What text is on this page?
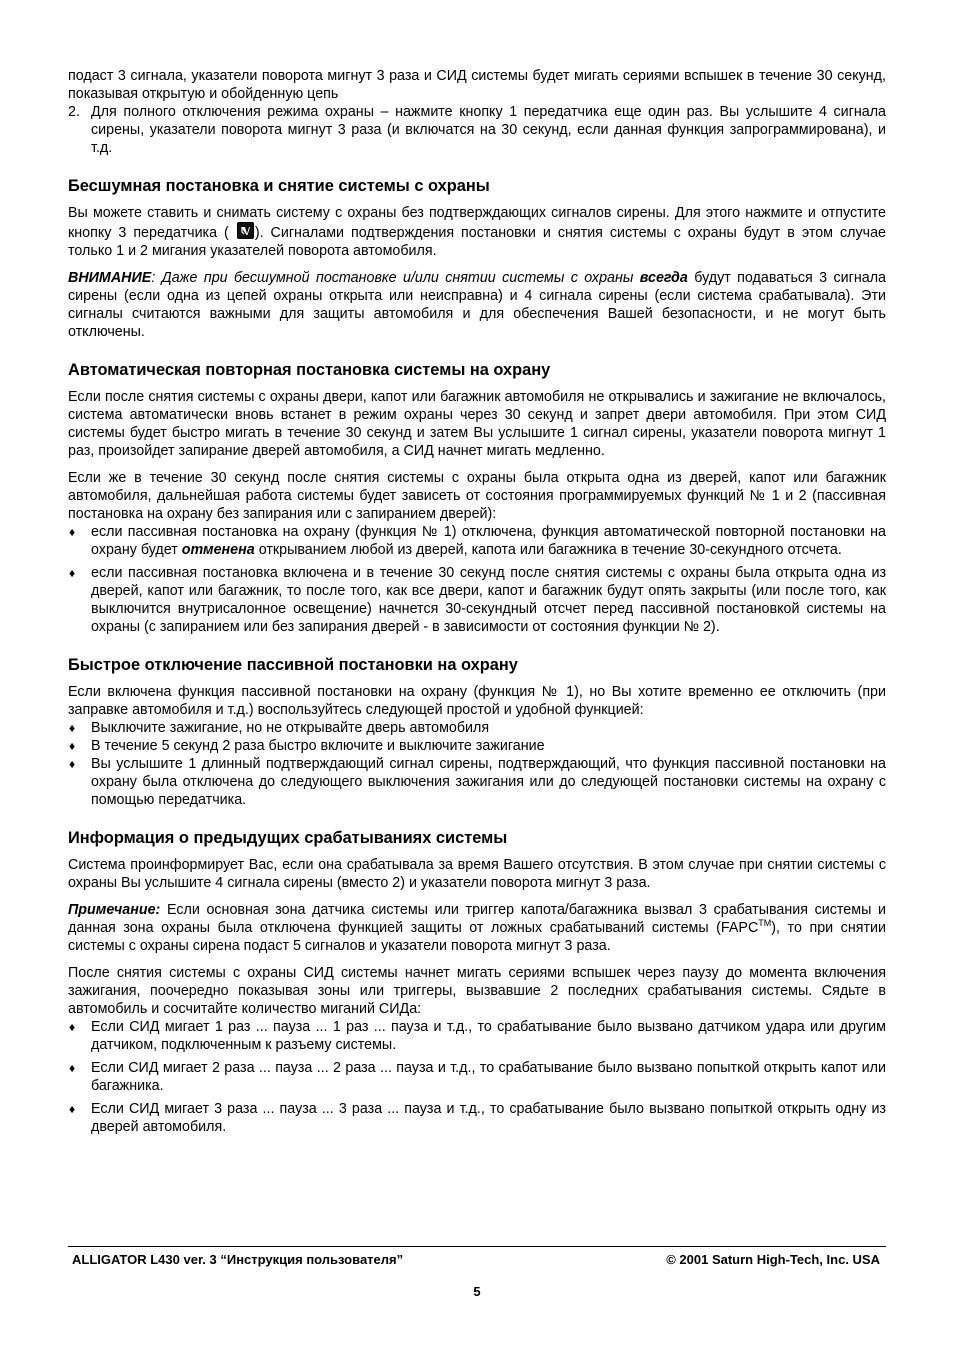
подаст 3 сигнала, указатели поворота мигнут 3 раза и СИД системы будет мигать сериями вспышек в течение 30 секунд, показывая открытую и обойденную цепь

2. Для полного отключения режима охраны – нажмите кнопку 1 передатчика еще один раз. Вы услышите 4 сигнала сирены, указатели поворота мигнут 3 раза (и включатся на 30 секунд, если данная функция запрограммирована), и т.д.
Бесшумная постановка и снятие системы с охраны

Вы можете ставить и снимать систему с охраны без подтверждающих сигналов сирены. Для этого нажмите и отпустите кнопку 3 передатчика ( ). Сигналами подтверждения постановки и снятия системы с охраны будут в этом случае только 1 и 2 мигания указателей поворота автомобиля.

ВНИМАНИЕ: Даже при бесшумной постановке и/или снятии системы с охраны всегда будут подаваться 3 сигнала сирены (если одна из цепей охраны открыта или неисправна) и 4 сигнала сирены (если система срабатывала). Эти сигналы считаются важными для защиты автомобиля и для обеспечения Вашей безопасности, и не могут быть отключены.

Автоматическая повторная постановка системы на охрану

Если после снятия системы с охраны двери, капот или багажник автомобиля не открывались и зажигание не включалось, система автоматически вновь встанет в режим охраны через 30 секунд и запрет двери автомобиля. При этом СИД системы будет быстро мигать в течение 30 секунд и затем Вы услышите 1 сигнал сирены, указатели поворота мигнут 1 раз, произойдет запирание дверей автомобиля, а СИД начнет мигать медленно.

Если же в течение 30 секунд после снятия системы с охраны была открыта одна из дверей, капот или багажник автомобиля, дальнейшая работа системы будет зависеть от состояния программируемых функций № 1 и 2 (пассивная постановка на охрану без запирания или с запиранием дверей):

♦ если пассивная постановка на охрану (функция № 1) отключена, функция автоматической повторной постановки на охрану будет отменена открыванием любой из дверей, капота или багажника в течение 30-секундного отсчета.
♦ если пассивная постановка включена и в течение 30 секунд после снятия системы с охраны была открыта одна из дверей, капот или багажник, то после того, как все двери, капот и багажник будут опять закрыты (или после того, как выключится внутрисалонное освещение) начнется 30-секундный отсчет перед пассивной постановкой системы на охраны (с запиранием или без запирания дверей - в зависимости от состояния функции № 2).
Быстрое отключение пассивной постановки на охрану

Если включена функция пассивной постановки на охрану (функция № 1), но Вы хотите временно ее отключить (при заправке автомобиля и т.д.) воспользуйтесь следующей простой и удобной функцией:

♦ Выключите зажигание, но не открывайте дверь автомобиля
♦ В течение 5 секунд 2 раза быстро включите и выключите зажигание
♦ Вы услышите 1 длинный подтверждающий сигнал сирены, подтверждающий, что функция пассивной постановки на охрану была отключена до следующего выключения зажигания или до следующей постановки системы на охрану с помощью передатчика.
Информация о предыдущих срабатываниях системы

Система проинформирует Вас, если она срабатывала за время Вашего отсутствия. В этом случае при снятии системы с охраны Вы услышите 4 сигнала сирены (вместо 2) и указатели поворота мигнут 3 раза.

Примечание: Если основная зона датчика системы или триггер капота/багажника вызвал 3 срабатывания системы и данная зона охраны была отключена функцией защиты от ложных срабатываний системы (FAPC™), то при снятии системы с охраны сирена подаст 5 сигналов и указатели поворота мигнут 3 раза.

После снятия системы с охраны СИД системы начнет мигать сериями вспышек через паузу до момента включения зажигания, поочередно показывая зоны или триггеры, вызвавшие 2 последних срабатывания системы. Сядьте в автомобиль и сосчитайте количество миганий СИДа:

♦ Если СИД мигает 1 раз ... пауза ... 1 раз ... пауза и т.д., то срабатывание было вызвано датчиком удара или другим датчиком, подключенным к разъему системы.
♦ Если СИД мигает 2 раза ... пауза ... 2 раза ... пауза и т.д., то срабатывание было вызвано попыткой открыть капот или багажника.
♦ Если СИД мигает 3 раза ... пауза ... 3 раза ... пауза и т.д., то срабатывание было вызвано попыткой открыть одну из дверей автомобиля.
ALLIGATOR L430 ver. 3 “Инструкция пользователя”	© 2001 Saturn High-Tech, Inc. USA
5
